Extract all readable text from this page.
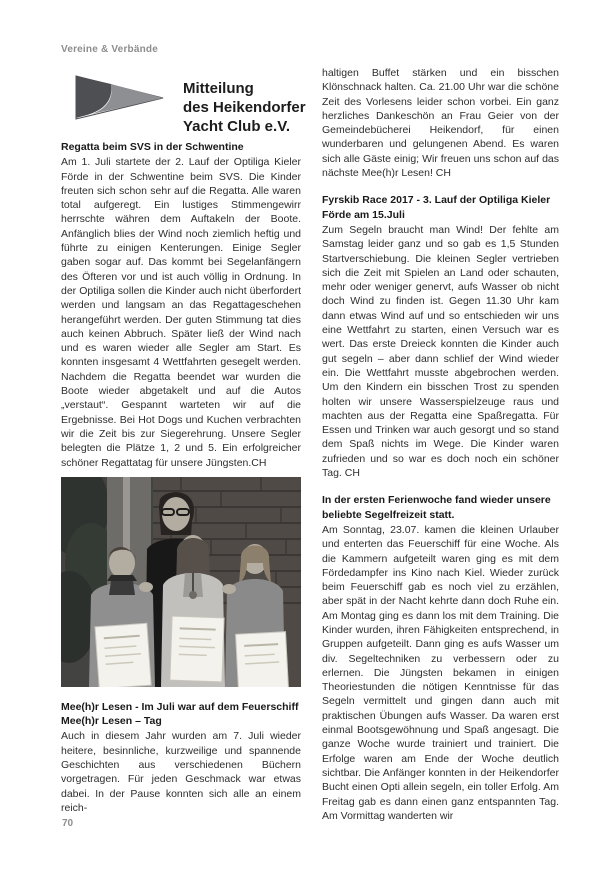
Vereine & Verbände
Mitteilung
des Heikendorfer
Yacht Club e.V.
Regatta beim SVS in der Schwentine

Am 1. Juli startete der 2. Lauf der Optiliga Kieler Förde in der Schwentine beim SVS. Die Kinder freuten sich schon sehr auf die Regatta. Alle waren total aufgeregt. Ein lustiges Stimmengewirr herrschte währen dem Auftakeln der Boote. Anfänglich blies der Wind noch ziemlich heftig und führte zu einigen Kenterungen. Einige Segler gaben sogar auf. Das kommt bei Segelanfängern des Öfteren vor und ist auch völlig in Ordnung. In der Optiliga sollen die Kinder auch nicht überfordert werden und langsam an das Regattageschehen herangeführt werden. Der guten Stimmung tat dies auch keinen Abbruch. Später ließ der Wind nach und es waren wieder alle Segler am Start. Es konnten insgesamt 4 Wettfahrten gesegelt werden. Nachdem die Regatta beendet war wurden die Boote wieder abgetakelt und auf die Autos „verstaut“. Gespannt warteten wir auf die Ergebnisse. Bei Hot Dogs und Kuchen verbrachten wir die Zeit bis zur Siegerehrung. Unsere Segler belegten die Plätze 1, 2 und 5. Ein erfolgreicher schöner Regattatag für unsere Jüngsten.CH

Mee(h)r Lesen - Im Juli war auf dem Feuerschiff Mee(h)r Lesen – Tag

Auch in diesem Jahr wurden am 7. Juli wieder heitere, besinnliche, kurzweilige und spannende Geschichten aus verschiedenen Büchern vorgetragen. Für jeden Geschmack war etwas dabei. In der Pause konnten sich alle an einem reich-

haltigen Buffet stärken und ein bisschen Klönschnack halten. Ca. 21.00 Uhr war die schöne Zeit des Vorlesens leider schon vorbei. Ein ganz herzliches Dankeschön an Frau Geier von der Gemeindebücherei Heikendorf, für einen wunderbaren und gelungenen Abend. Es waren sich alle Gäste einig; Wir freuen uns schon auf das nächste Mee(h)r Lesen! CH

Fyrskib Race 2017 - 3. Lauf der Optiliga Kieler Förde am 15.Juli

Zum Segeln braucht man Wind! Der fehlte am Samstag leider ganz und so gab es 1,5 Stunden Startverschiebung. Die kleinen Segler vertrieben sich die Zeit mit Spielen an Land oder schauten, mehr oder weniger genervt, aufs Wasser ob nicht doch Wind zu finden ist. Gegen 11.30 Uhr kam dann etwas Wind auf und so entschieden wir uns eine Wettfahrt zu starten, einen Versuch war es wert. Das erste Dreieck konnten die Kinder auch gut segeln – aber dann schlief der Wind wieder ein. Die Wettfahrt musste abgebrochen werden. Um den Kindern ein bisschen Trost zu spenden holten wir unsere Wasserspielzeuge raus und machten aus der Regatta eine Spaßregatta. Für Essen und Trinken war auch gesorgt und so stand dem Spaß nichts im Wege. Die Kinder waren zufrieden und so war es doch noch ein schöner Tag. CH

In der ersten Ferienwoche fand wieder unsere beliebte Segelfreizeit statt.

Am Sonntag, 23.07. kamen die kleinen Urlauber und enterten das Feuerschiff für eine Woche. Als die Kammern aufgeteilt waren ging es mit dem Fördedampfer ins Kino nach Kiel. Wieder zurück beim Feuerschiff gab es noch viel zu erzählen, aber spät in der Nacht kehrte dann doch Ruhe ein. Am Montag ging es dann los mit dem Training. Die Kinder wurden, ihren Fähigkeiten entsprechend, in Gruppen aufgeteilt. Dann ging es aufs Wasser um div. Segeltechniken zu verbessern oder zu erlernen. Die Jüngsten bekamen in einigen Theoriestunden die nötigen Kenntnisse für das Segeln vermittelt und gingen dann auch mit praktischen Übungen aufs Wasser. Da waren erst einmal Bootsgewöhnung und Spaß angesagt. Die ganze Woche wurde trainiert und trainiert. Die Erfolge waren am Ende der Woche deutlich sichtbar. Die Anfänger konnten in der Heikendorfer Bucht einen Opti allein segeln, ein toller Erfolg. Am Freitag gab es dann einen ganz entspannten Tag. Am Vormittag wanderten wir

70
